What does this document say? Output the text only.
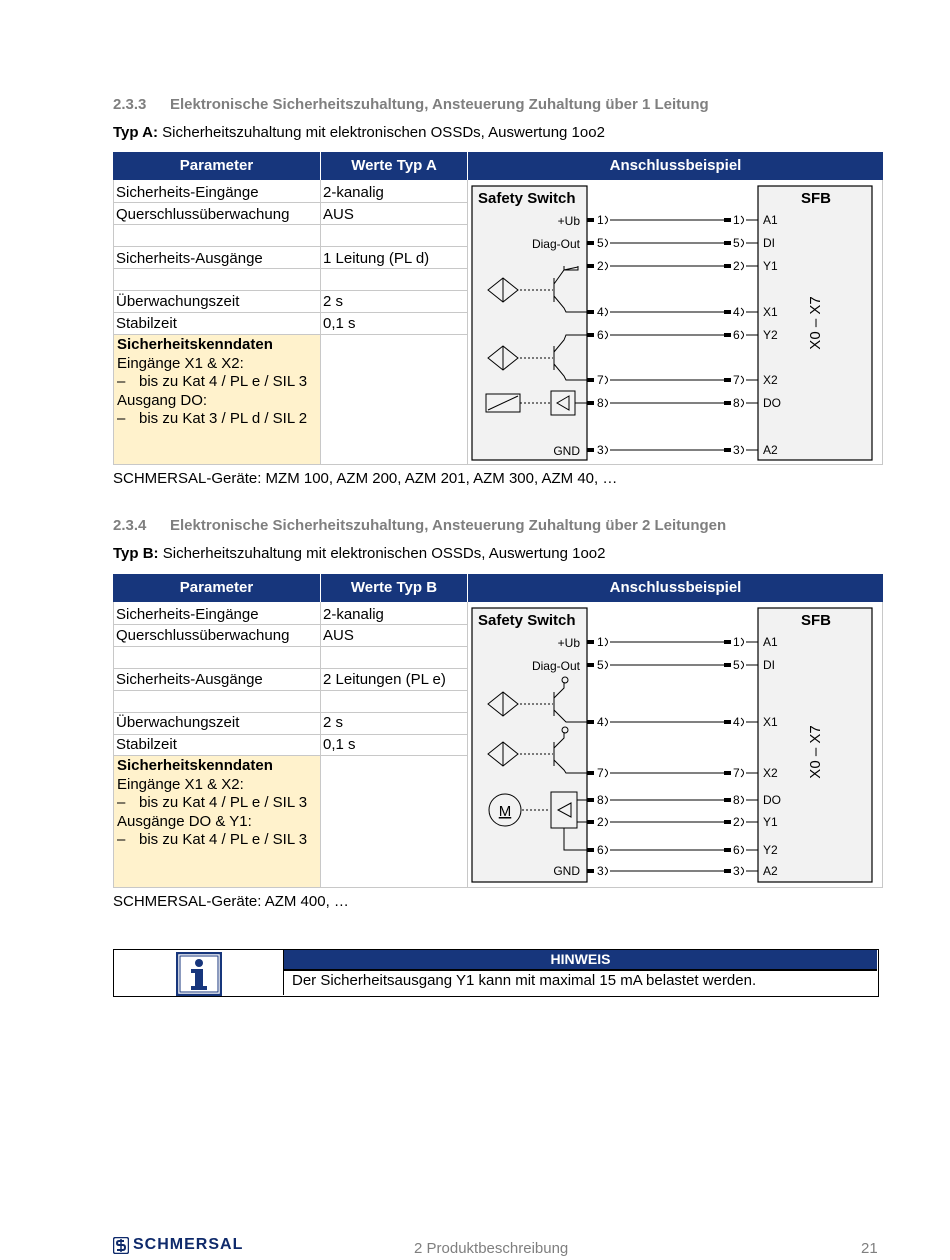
2.3.3 Elektronische Sicherheitszuhaltung, Ansteuerung Zuhaltung über 1 Leitung
Typ A: Sicherheitszuhaltung mit elektronischen OSSDs, Auswertung 1oo2
Parameter	Werte Typ A	Anschlussbeispiel
Sicherheits-Eingänge	2-kanalig
Querschlussüberwachung AUS
Sicherheits-Ausgänge	1 Leitung (PL d)
Überwachungszeit	2 s
Stabilzeit	0,1 s
Sicherheitskenndaten
Eingänge X1 & X2:
– bis zu Kat 4 / PL e / SIL 3
Ausgang DO:
– bis zu Kat 3 / PL d / SIL 2
Safety Switch	SFB
X0 – X7
+Ub
Diag-Out
GND
1	1 A1
5	5 DI
2	2 Y1
4	4 X1
6	6 Y2
7	7 X2
8	8 DO
3	3 A2
SCHMERSAL-Geräte: MZM 100, AZM 200, AZM 201, AZM 300, AZM 40, …
2.3.4 Elektronische Sicherheitszuhaltung, Ansteuerung Zuhaltung über 2 Leitungen
Typ B: Sicherheitszuhaltung mit elektronischen OSSDs, Auswertung 1oo2
Parameter	Werte Typ B	Anschlussbeispiel
Sicherheits-Eingänge	2-kanalig
Querschlussüberwachung AUS
Sicherheits-Ausgänge	2 Leitungen (PL e)
Überwachungszeit	2 s
Stabilzeit	0,1 s
Sicherheitskenndaten
Eingänge X1 & X2:
– bis zu Kat 4 / PL e / SIL 3
Ausgänge DO & Y1:
– bis zu Kat 4 / PL e / SIL 3
Safety Switch	SFB
X0 – X7
+Ub
Diag-Out
GND
1	1 A1
5	5 DI
4	4 X1
7	7 X2
8	8 DO
2	2 Y1
6	6 Y2
3	3 A2
M
SCHMERSAL-Geräte: AZM 400, …
HINWEIS
Der Sicherheitsausgang Y1 kann mit maximal 15 mA belastet werden.
SCHMERSAL	2 Produktbeschreibung	21
